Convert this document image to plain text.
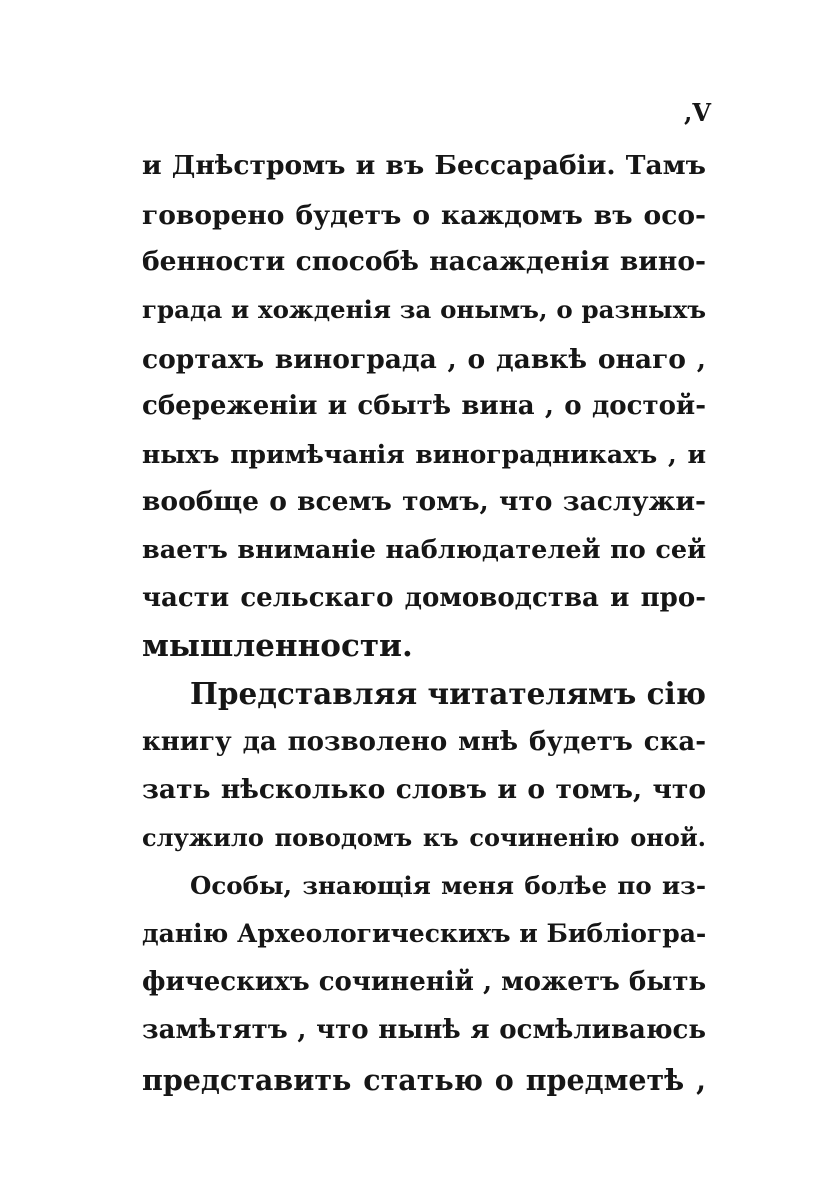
,V
и Днѣстромъ и въ Бессарабіи. Тамъ
говорено будетъ о каждомъ въ осо-
бенности способѣ насажденія вино-
града и хожденія за онымъ, о разныхъ
сортахъ винограда , о давкѣ онаго ,
сбереженіи и сбытѣ вина , о достой-
ныхъ примѣчанія виноградникахъ , и
вообще о всемъ томъ, что заслужи-
ваетъ вниманіе наблюдателей по сей
части сельскаго домоводства и про-
мышленности.
Представляя читателямъ сію
книгу да позволено мнѣ будетъ ска-
зать нѣсколько словъ и о томъ, что
служило поводомъ къ сочиненію оной.
Особы, знающія меня болѣе по из-
данію Археологическихъ и Библіогра-
фическихъ сочиненій , можетъ быть
замѣтятъ , что нынѣ я осмѣливаюсь
представить статью о предметѣ ,
